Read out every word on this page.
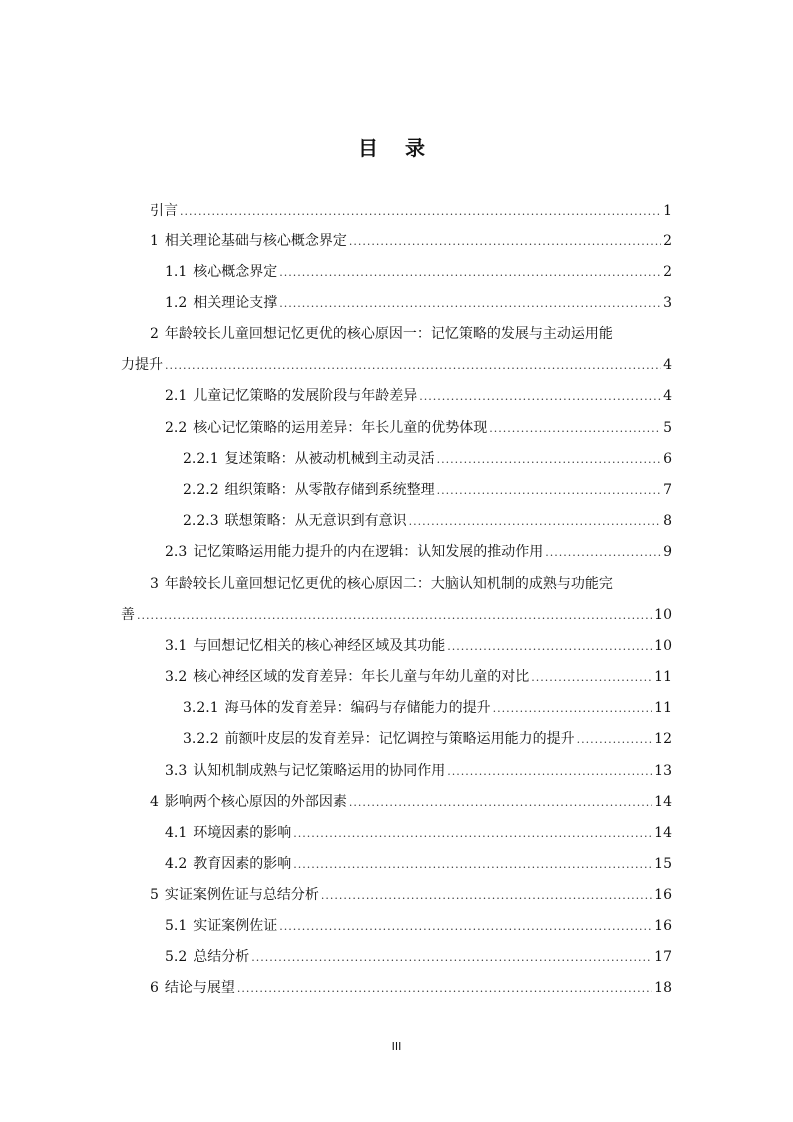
目 录
引言 .....	1
1 相关理论基础与核心概念界定 .....	2
1.1 核心概念界定 .....	2
1.2 相关理论支撑 .....	3
2 年龄较长儿童回想记忆更优的核心原因一：记忆策略的发展与主动运用能
力提升 .....	4
2.1 儿童记忆策略的发展阶段与年龄差异 .....	4
2.2 核心记忆策略的运用差异：年长儿童的优势体现 .....	5
2.2.1 复述策略：从被动机械到主动灵活 .....	6
2.2.2 组织策略：从零散存储到系统整理 .....	7
2.2.3 联想策略：从无意识到有意识 .....	8
2.3 记忆策略运用能力提升的内在逻辑：认知发展的推动作用 .....	9
3 年龄较长儿童回想记忆更优的核心原因二：大脑认知机制的成熟与功能完
善 .....	10
3.1 与回想记忆相关的核心神经区域及其功能 .....	10
3.2 核心神经区域的发育差异：年长儿童与年幼儿童的对比 .....	11
3.2.1 海马体的发育差异：编码与存储能力的提升 .....	11
3.2.2 前额叶皮层的发育差异：记忆调控与策略运用能力的提升 .....	12
3.3 认知机制成熟与记忆策略运用的协同作用 .....	13
4 影响两个核心原因的外部因素 .....	14
4.1 环境因素的影响 .....	14
4.2 教育因素的影响 .....	15
5 实证案例佐证与总结分析 .....	16
5.1 实证案例佐证 .....	16
5.2 总结分析 .....	17
6 结论与展望 .....	18
III
